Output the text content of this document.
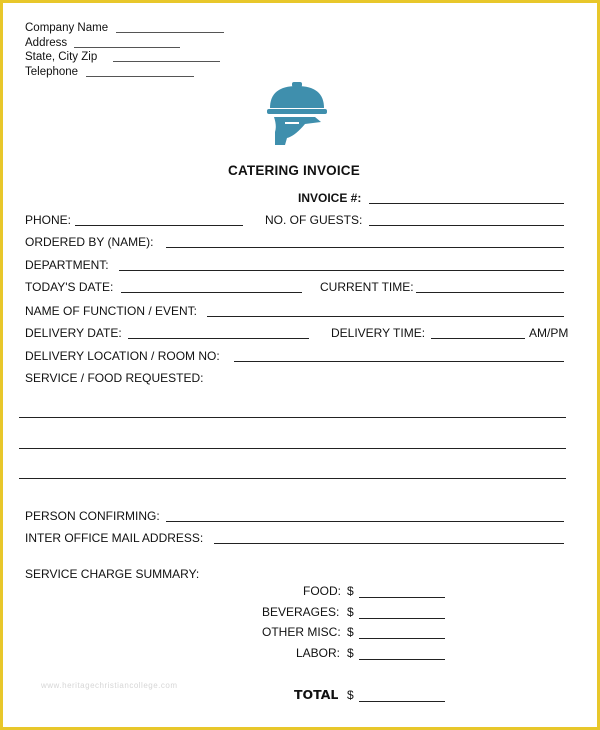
Company Name
Address
State, City Zip
Telephone
CATERING INVOICE
INVOICE #:
PHONE:	NO. OF GUESTS:
ORDERED BY (NAME):
DEPARTMENT:
TODAY'S DATE:	CURRENT TIME:
NAME OF FUNCTION / EVENT:
DELIVERY DATE:	DELIVERY TIME:	AM/PM
DELIVERY LOCATION / ROOM NO:
SERVICE / FOOD REQUESTED:
PERSON CONFIRMING:
INTER OFFICE MAIL ADDRESS:
SERVICE CHARGE SUMMARY:
FOOD: $
BEVERAGES: $
OTHER MISC: $
LABOR: $
TOTAL $
www.heritagechristiancollege.com
